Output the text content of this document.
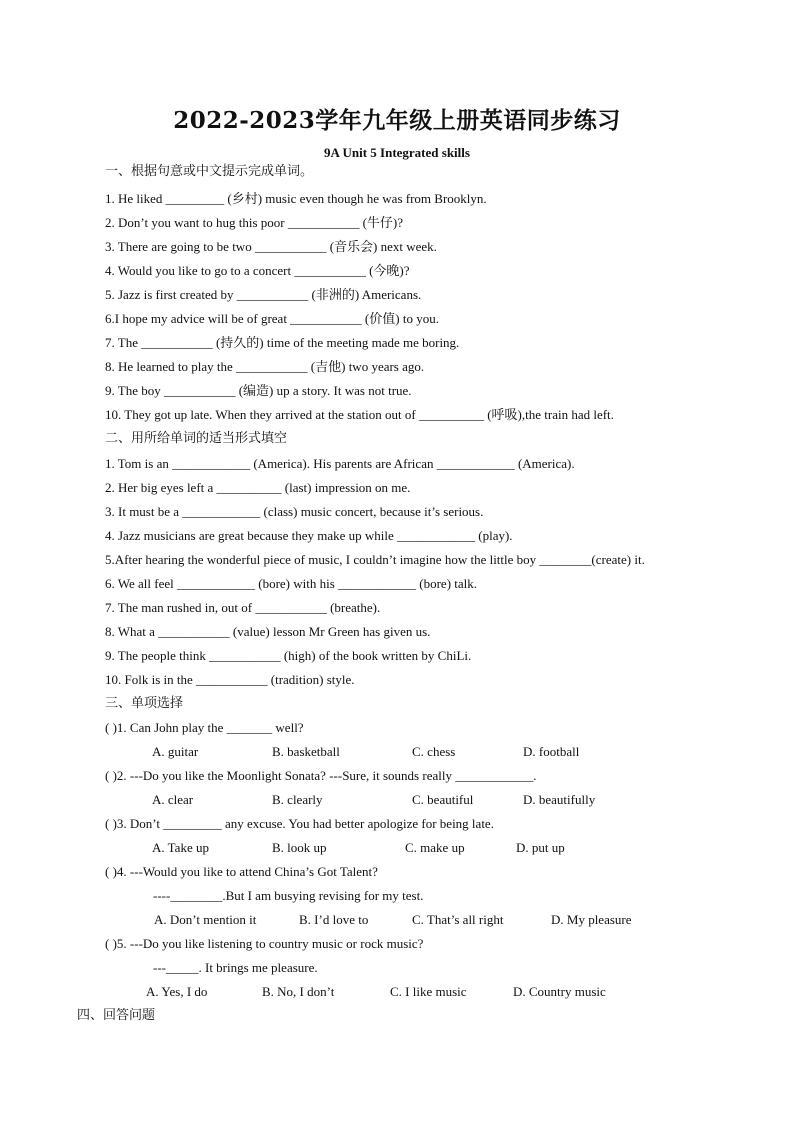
2022-2023学年九年级上册英语同步练习
9A Unit 5 Integrated skills
一、根据句意或中文提示完成单词。
1. He liked _________ (乡村) music even though he was from Brooklyn.
2. Don’t you want to hug this poor ___________ (牛仔)?
3. There are going to be two ___________ (音乐会) next week.
4. Would you like to go to a concert ___________ (今晚)?
5. Jazz is first created by ___________ (非洲的) Americans.
6.I hope my advice will be of great ___________ (价值) to you.
7. The ___________ (持久的) time of the meeting made me boring.
8. He learned to play the ___________ (吉他) two years ago.
9. The boy ___________ (编造) up a story. It was not true.
10. They got up late. When they arrived at the station out of __________ (呼吸),the train had left.
二、用所给单词的适当形式填空
1. Tom is an ____________ (America). His parents are African ____________ (America).
2. Her big eyes left a __________ (last) impression on me.
3. It must be a ____________ (class) music concert, because it’s serious.
4. Jazz musicians are great because they make up while ____________ (play).
5.After hearing the wonderful piece of music, I couldn’t imagine how the little boy ________(create) it.
6. We all feel ____________ (bore) with his ____________ (bore) talk.
7. The man rushed in, out of ___________ (breathe).
8. What a ___________ (value) lesson Mr Green has given us.
9. The people think ___________ (high) of the book written by ChiLi.
10. Folk is in the ___________ (tradition) style.
三、单项选择
( )1. Can John play the _______ well?
A. guitar	B. basketball	C. chess	D. football
( )2. ---Do you like the Moonlight Sonata? ---Sure, it sounds really ____________.
A. clear	B. clearly	C. beautiful	D. beautifully
( )3. Don’t _________ any excuse. You had better apologize for being late.
A. Take up	B. look up	C. make up	D. put up
( )4. ---Would you like to attend China’s Got Talent?
----________.But I am busying revising for my test.
A. Don’t mention it	B. I’d love to	C. That’s all right	D. My pleasure
( )5. ---Do you like listening to country music or rock music?
---_____. It brings me pleasure.
A. Yes, I do	B. No, I don’t	C. I like music	D. Country music
四、回答问题
